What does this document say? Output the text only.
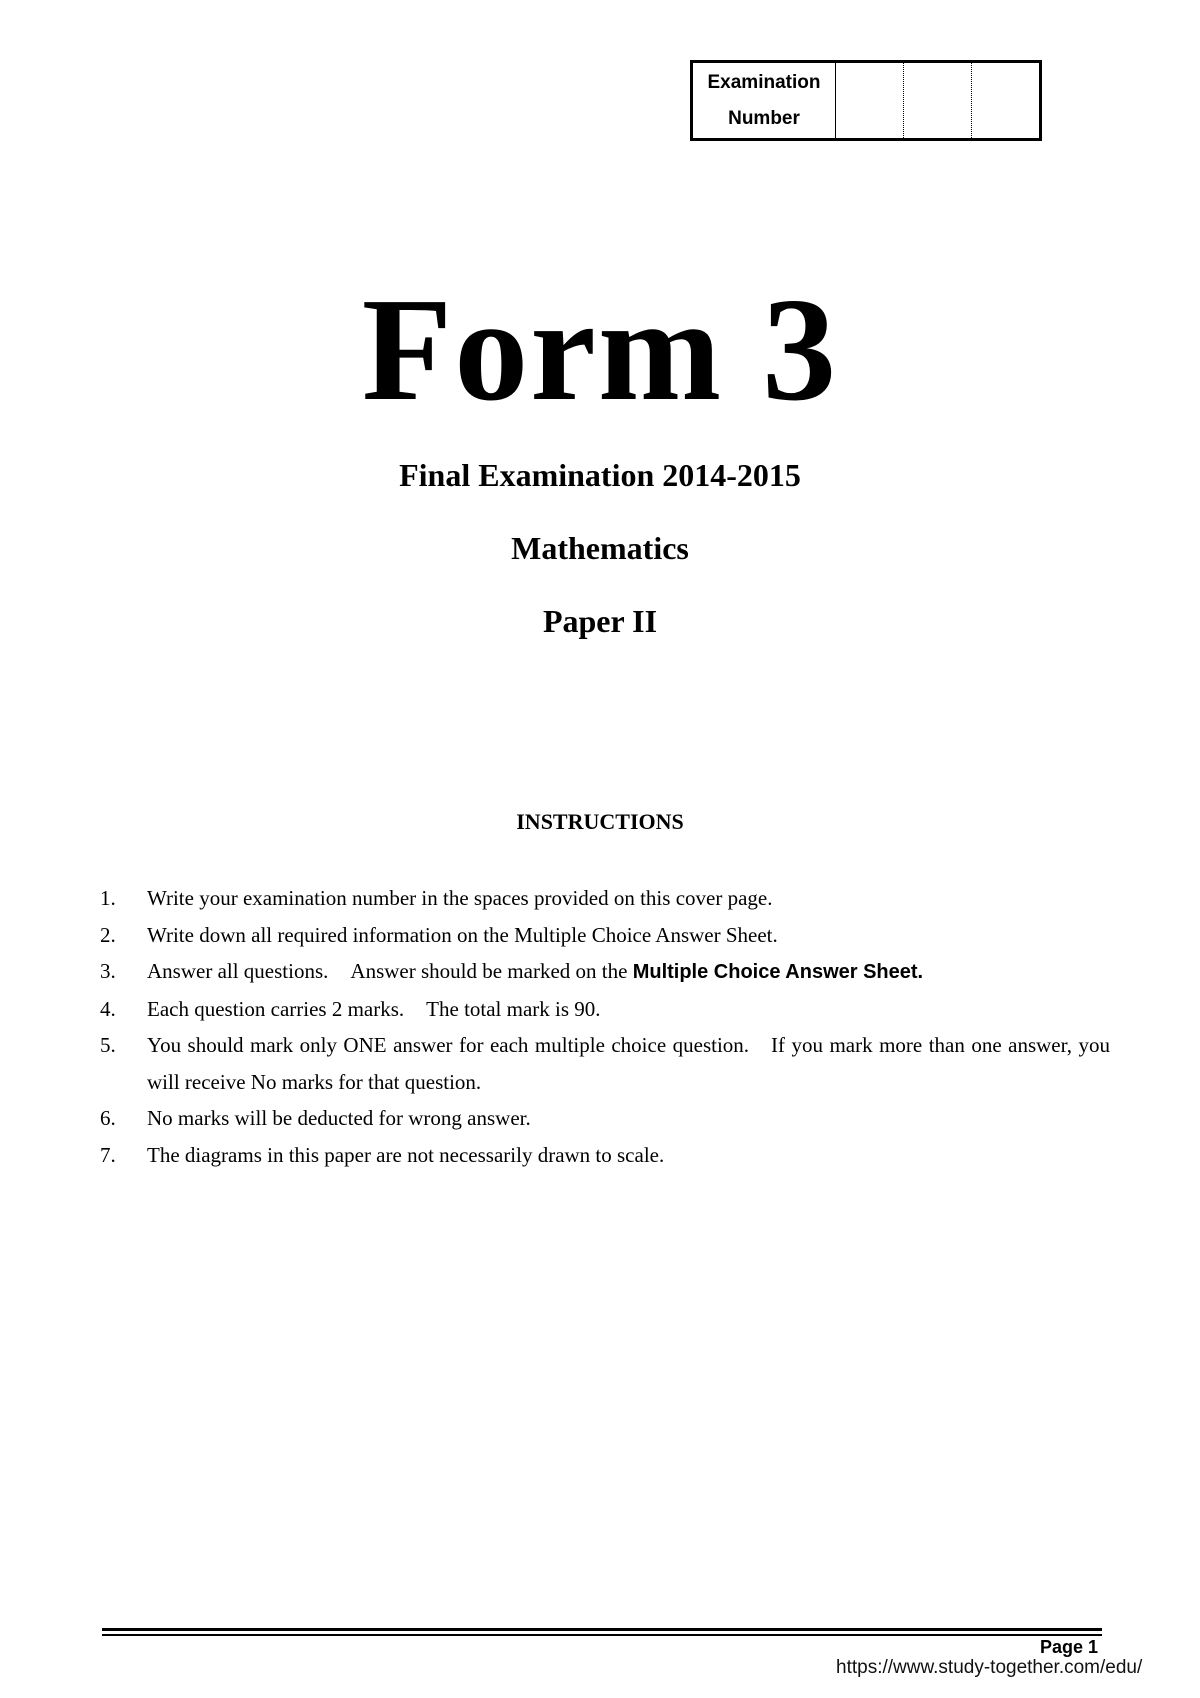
Examination
Number
Form 3
Final Examination 2014-2015
Mathematics
Paper II
INSTRUCTIONS
1.	Write your examination number in the spaces provided on this cover page.
2.	Write down all required information on the Multiple Choice Answer Sheet.
3.	Answer all questions. Answer should be marked on the Multiple Choice Answer Sheet.
4.	Each question carries 2 marks. The total mark is 90.
5.	You should mark only ONE answer for each multiple choice question. If you mark more than one answer, you will receive No marks for that question.
6.	No marks will be deducted for wrong answer.
7.	The diagrams in this paper are not necessarily drawn to scale.
Page 1
https://www.study-together.com/edu/
